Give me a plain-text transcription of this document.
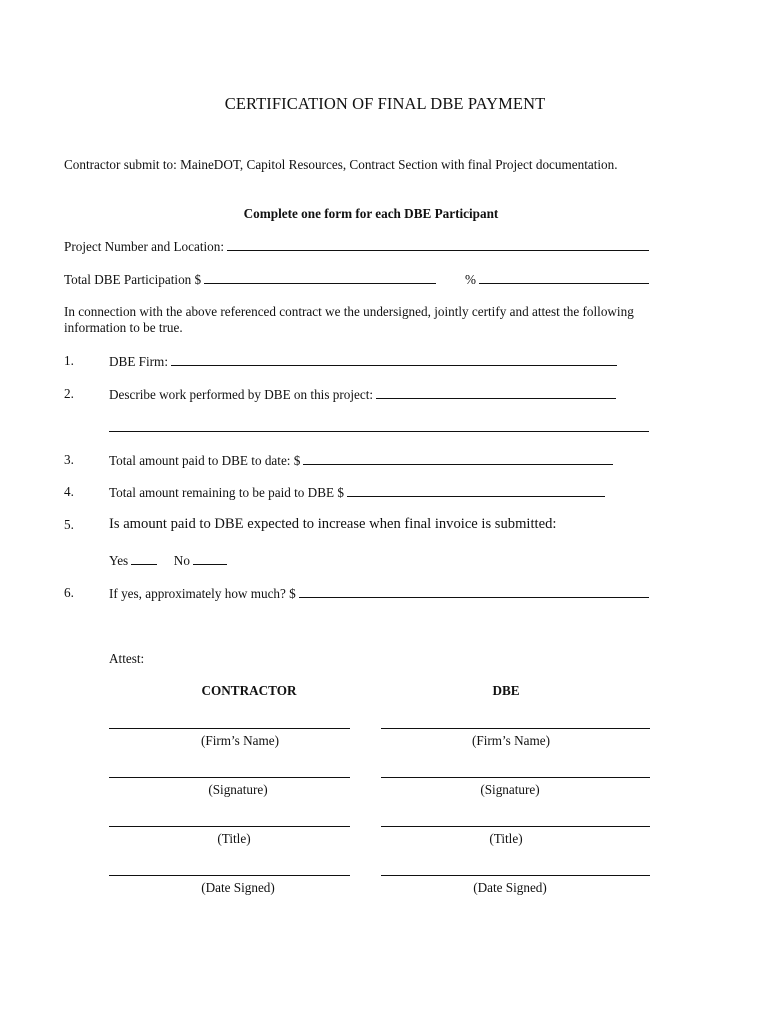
CERTIFICATION OF FINAL DBE PAYMENT
Contractor submit to: MaineDOT, Capitol Resources, Contract Section with final Project documentation.
Complete one form for each DBE Participant
Project Number and Location:
Total DBE Participation $	%
In connection with the above referenced contract we the undersigned, jointly certify and attest the following
information to be true.
1.	DBE Firm:
2.	Describe work performed by DBE on this project:
3.	Total amount paid to DBE to date: $
4.	Total amount remaining to be paid to DBE $
5. Is amount paid to DBE expected to increase when final invoice is submitted:
Yes	No
6.	If yes, approximately how much? $
Attest:
CONTRACTOR	DBE
(Firm’s Name)	(Firm’s Name)
(Signature)	(Signature)
(Title)	(Title)
(Date Signed)	(Date Signed)
